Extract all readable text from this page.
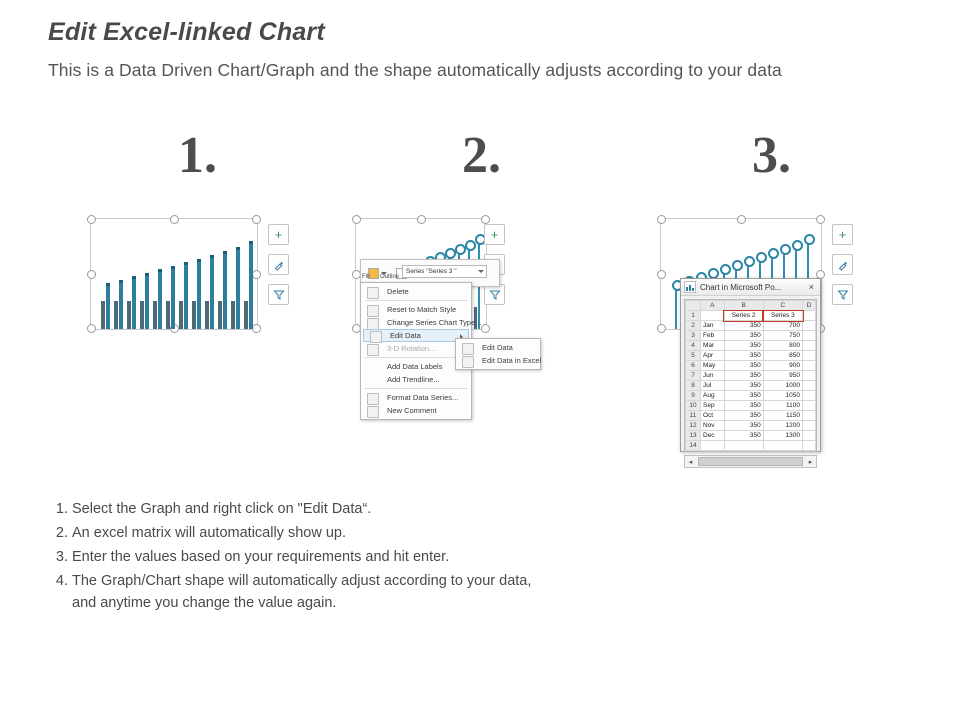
Edit Excel-linked Chart
This is a Data Driven Chart/Graph and the shape automatically adjusts according to your data
1.	2.	3.
+	+
Fill Outline
Series "Series 3 "
Delete
Reset to Match Style
Change Series Chart Type...
Edit Data
3-D Rotation...
Add Data Labels
Add Trendline...
Format Data Series...
New Comment
Edit Data
Edit Data in Excel
+
Chart in Microsoft Po...	×
	A	B	C	D
1		Series 2	Series 3	
2	Jan	350	700	
3	Feb	350	750	
4	Mar	350	800	
5	Apr	350	850	
6	May	350	900	
7	Jun	350	950	
8	Jul	350	1000	
9	Aug	350	1050	
10	Sep	350	1100	
11	Oct	350	1150	
12	Nov	350	1200	
13	Dec	350	1300	
14				
◂	▸
1. Select the Graph and right click on "Edit Data“.
2. An excel matrix will automatically show up.
3. Enter the values based on your requirements and hit enter.
4. The Graph/Chart shape will automatically adjust according to your data,
and anytime you change the value again.
